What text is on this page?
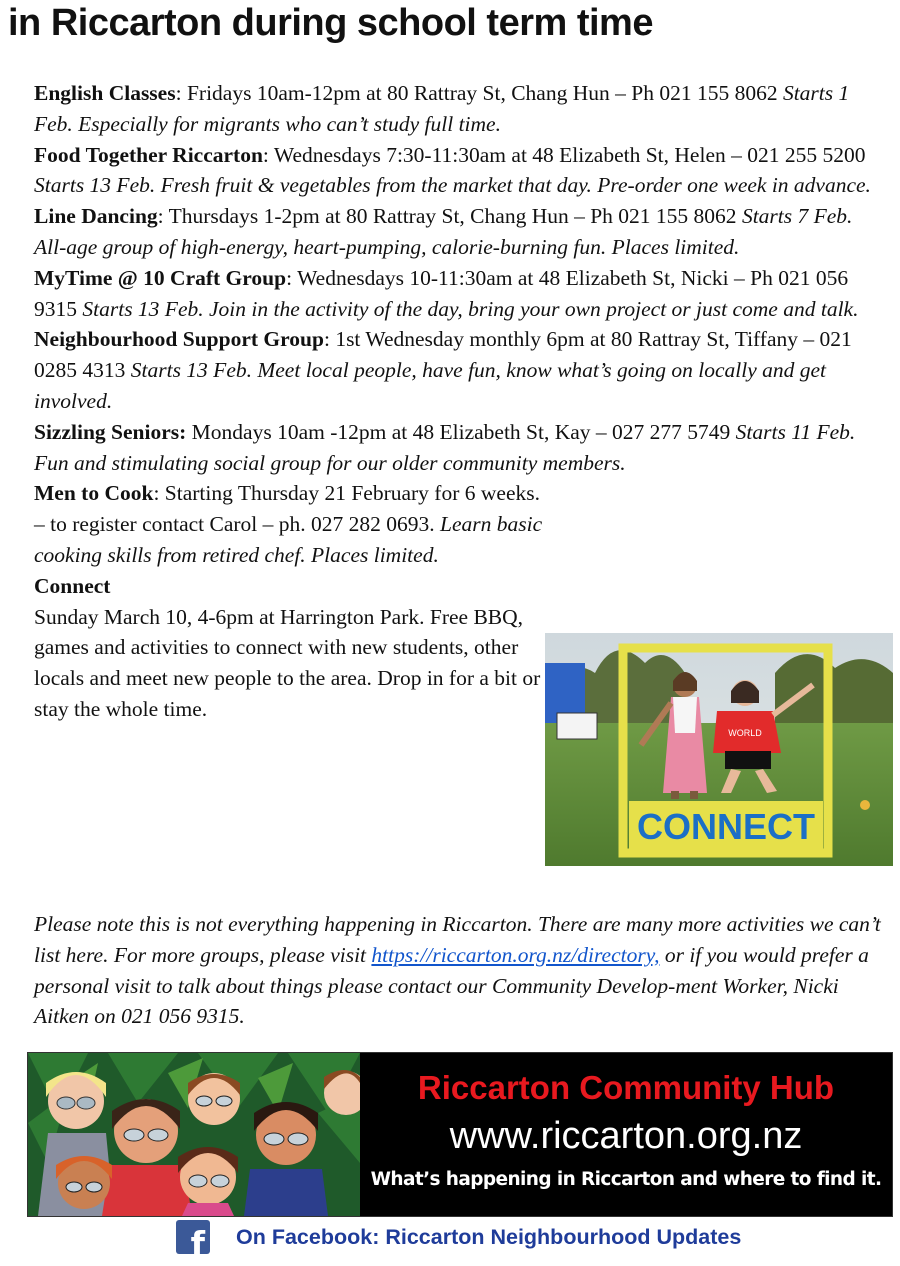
in Riccarton during school term time

English Classes: Fridays 10am-12pm at 80 Rattray St, Chang Hun – Ph 021 155 8062 Starts 1 Feb. Especially for migrants who can’t study full time.

Food Together Riccarton: Wednesdays 7:30-11:30am at 48 Elizabeth St, Helen – 021 255 5200 Starts 13 Feb. Fresh fruit & vegetables from the market that day. Pre-order one week in advance.

Line Dancing: Thursdays 1-2pm at 80 Rattray St, Chang Hun – Ph 021 155 8062 Starts 7 Feb. All-age group of high-energy, heart-pumping, calorie-burning fun. Places limited.

MyTime @ 10 Craft Group: Wednesdays 10-11:30am at 48 Elizabeth St, Nicki – Ph 021 056 9315 Starts 13 Feb. Join in the activity of the day, bring your own project or just come and talk.

Neighbourhood Support Group: 1st Wednesday monthly 6pm at 80 Rattray St, Tiffany – 021 0285 4313 Starts 13 Feb. Meet local people, have fun, know what’s going on locally and get involved.

Sizzling Seniors: Mondays 10am -12pm at 48 Elizabeth St, Kay – 027 277 5749 Starts 11 Feb. Fun and stimulating social group for our older community members.

Men to Cook: Starting Thursday 21 February for 6 weeks. – to register contact Carol – ph. 027 282 0693. Learn basic cooking skills from retired chef. Places limited.

Connect
Sunday March 10, 4-6pm at Harrington Park. Free BBQ, games and activities to connect with new students, other locals and meet new people to the area. Drop in for a bit or stay the whole time.

CONNECT
WORLD
Please note this is not everything happening in Riccarton. There are many more activities we can’t list here. For more groups, please visit https://riccarton.org.nz/directory, or if you would prefer a personal visit to talk about things please contact our Community Develop-ment Worker, Nicki Aitken on 021 056 9315.
Riccarton Community Hub
www.riccarton.org.nz
What’s happening in Riccarton and where to find it.
f On Facebook: Riccarton Neighbourhood Updates
